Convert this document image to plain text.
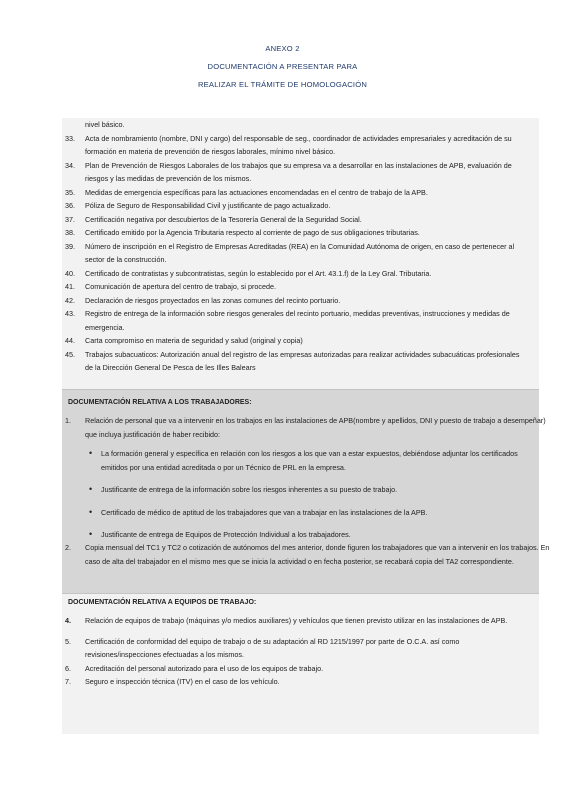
ANEXO 2
DOCUMENTACIÓN A PRESENTAR PARA
REALIZAR EL TRÁMITE DE HOMOLOGACIÓN
nivel básico.
33. Acta de nombramiento (nombre, DNI y cargo) del responsable de seg., coordinador de actividades empresariales y acreditación de su formación en materia de prevención de riesgos laborales, mínimo nivel básico.
34. Plan de Prevención de Riesgos Laborales de los trabajos que su empresa va a desarrollar en las instalaciones de APB, evaluación de riesgos y las medidas de prevención de los mismos.
35. Medidas de emergencia específicas para las actuaciones encomendadas en el centro de trabajo de la APB.
36. Póliza de Seguro de Responsabilidad Civil y justificante de pago actualizado.
37. Certificación negativa por descubiertos de la Tesorería General de la Seguridad Social.
38. Certificado emitido por la Agencia Tributaria respecto al corriente de pago de sus obligaciones tributarias.
39. Número de inscripción en el Registro de Empresas Acreditadas (REA) en la Comunidad Autónoma de origen, en caso de pertenecer al sector de la construcción.
40. Certificado de contratistas y subcontratistas, según lo establecido por el Art. 43.1.f) de la Ley Gral. Tributaria.
41. Comunicación de apertura del centro de trabajo, si procede.
42. Declaración de riesgos proyectados en las zonas comunes del recinto portuario.
43. Registro de entrega de la información sobre riesgos generales del recinto portuario, medidas preventivas, instrucciones y medidas de emergencia.
44. Carta compromiso en materia de seguridad y salud (original y copia)
45. Trabajos subacuaticos: Autorización anual del registro de las empresas autorizadas para realizar actividades subacuáticas profesionales de la Dirección General De Pesca de les Illes Balears
DOCUMENTACIÓN RELATIVA A LOS TRABAJADORES:
1. Relación de personal que va a intervenir en los trabajos en las instalaciones de APB(nombre y apellidos, DNI y puesto de trabajo a desempeñar) que incluya justificación de haber recibido:
• La formación general y específica en relación con los riesgos a los que van a estar expuestos, debiéndose adjuntar los certificados emitidos por una entidad acreditada o por un Técnico de PRL en la empresa.
• Justificante de entrega de la información sobre los riesgos inherentes a su puesto de trabajo.
• Certificado de médico de aptitud de los trabajadores que van a trabajar en las instalaciones de la APB.
• Justificante de entrega de Equipos de Protección Individual a los trabajadores.
2. Copia mensual del TC1 y TC2 o cotización de autónomos del mes anterior, donde figuren los trabajadores que van a intervenir en los trabajos. En caso de alta del trabajador en el mismo mes que se inicia la actividad o en fecha posterior, se recabará copia del TA2 correspondiente.
DOCUMENTACIÓN RELATIVA A EQUIPOS DE TRABAJO:
4. Relación de equipos de trabajo (máquinas y/o medios auxiliares) y vehículos que tienen previsto utilizar en las instalaciones de APB.
5. Certificación de conformidad del equipo de trabajo o de su adaptación al RD 1215/1997 por parte de O.C.A. así como revisiones/inspecciones efectuadas a los mismos.
6. Acreditación del personal autorizado para el uso de los equipos de trabajo.
7. Seguro e inspección técnica (ITV) en el caso de los vehículo.
